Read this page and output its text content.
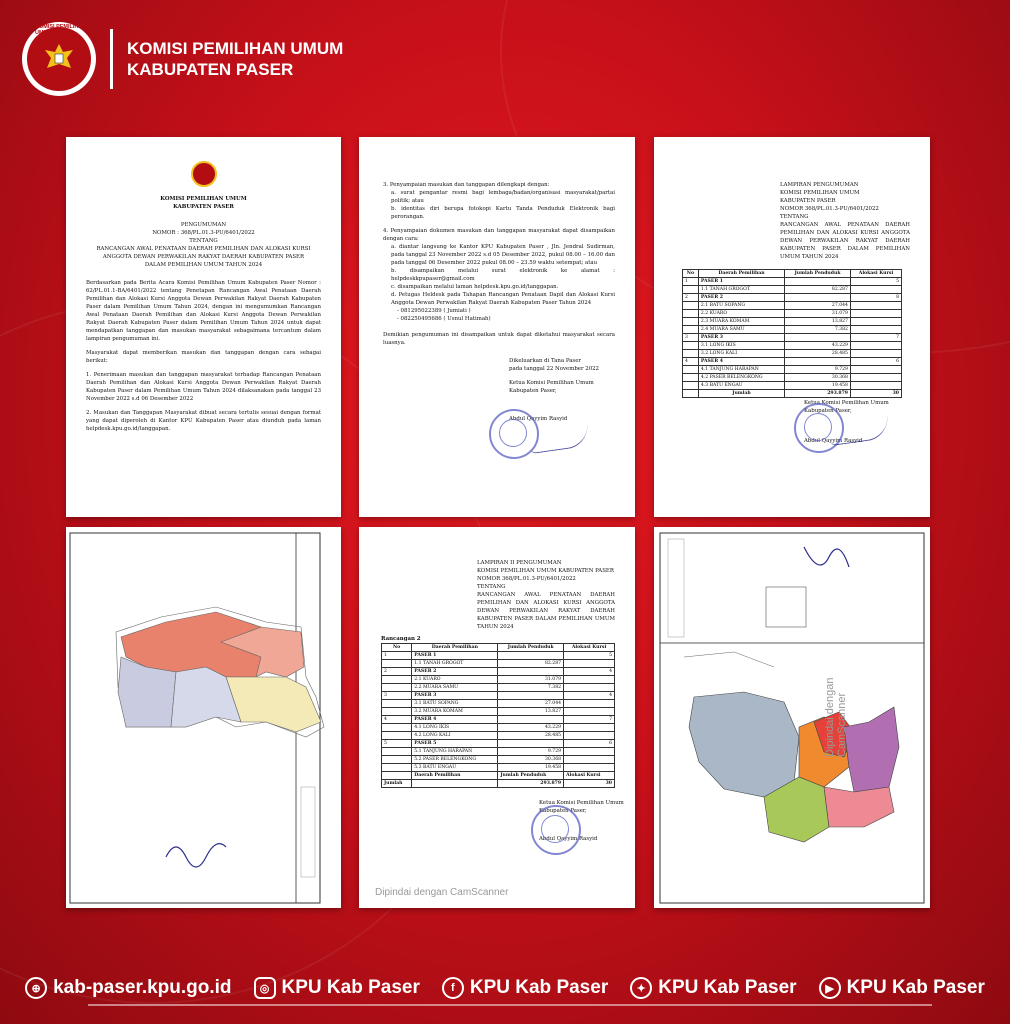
KOMISI PEMILIHAN UMUM
KOMISI PEMILIHAN UMUM
KABUPATEN PASER
KOMISI PEMILIHAN UMUM
KABUPATEN PASER
PENGUMUMAN
NOMOR : 368/PL.01.3-PU/6401/2022
TENTANG
RANCANGAN AWAL PENATAAN DAERAH PEMILIHAN DAN ALOKASI KURSI
ANGGOTA DEWAN PERWAKILAN RAKYAT DAERAH KABUPATEN PASER
DALAM PEMILIHAN UMUM TAHUN 2024
Berdasarkan pada Berita Acara Komisi Pemilihan Umum Kabupaten Paser Nomor : 62/PL.01.1-BA/6401/2022 tentang Penetapan Rancangan Awal Penataan Daerah Pemilihan dan Alokasi Kursi Anggota Dewan Perwakilan Rakyat Daerah Kabupaten Paser dalam Pemilihan Umum Tahun 2024, dengan ini mengumumkan Rancangan Awal Penataan Daerah Pemilihan dan Alokasi Kursi Anggota Dewan Perwakilan Rakyat Daerah Kabupaten Paser dalam Pemilihan Umum Tahun 2024 untuk dapat mendapatkan tanggapan dan masukan masyarakat sebagaimana tercantum dalam lampiran pengumuman ini.
Masyarakat dapat memberikan masukan dan tanggapan dengan cara sebagai berikut:
1. Penerimaan masukan dan tanggapan masyarakat terhadap Rancangan Penataan Daerah Pemilihan dan Alokasi Kursi Anggota Dewan Perwakilan Rakyat Daerah Kabupaten Paser dalam Pemilihan Umum Tahun 2024 dilaksanakan pada tanggal 23 November 2022 s.d 06 Desember 2022
2. Masukan dan Tanggapan Masyarakat dibuat secara tertulis sesuai dengan format yang dapat diperoleh di Kantor KPU Kabupaten Paser atau diunduh pada laman helpdesk.kpu.go.id/tanggapan.
3. Penyampaian masukan dan tanggapan dilengkapi dengan:
a. surat pengantar resmi bagi lembaga/badan/organisasi masyarakat/partai politik; atau
b. identitas diri berupa fotokopi Kartu Tanda Penduduk Elektronik bagi perorangan.
4. Penyampaian dokumen masukan dan tanggapan masyarakat dapat disampaikan dengan cara:
a. diantar langsung ke Kantor KPU Kabupaten Paser , Jln. Jendral Sudirman, pada tanggal 23 November 2022 s.d 05 Desember 2022, pukul 08.00 – 16.00 dan pada tanggal 06 Desember 2022 pukul 08.00 – 23.59 waktu setempat; atau
b. disampaikan melalui surat elektronik ke alamat : helpdeskkpupaser@gmail.com
c. disampaikan melalui laman helpdesk.kpu.go.id/tanggapan.
d. Petugas Heldesk pada Tahapan Rancangan Penataan Dapil dan Alokasi Kursi Anggota Dewan Perwakilan Rakyat Daerah Kabupaten Paser Tahun 2024
- 081295022389 ( Jumiati )
- 082250495686 ( Usnul Hatimah)
Demikian pengumuman ini disampaikan untuk dapat diketahui masyarakat secara luasnya.
Dikeluarkan di Tana Paser
pada tanggal 22 November 2022
Ketua Komisi Pemilihan Umum
Kabupaten Paser,
Abdul Qayyim Rasyid
LAMPIRAN PENGUMUMAN
KOMISI PEMILIHAN UMUM
KABUPATEN PASER
NOMOR 368/PL.01.3-PU/6401/2022
TENTANG
RANCANGAN AWAL PENATAAN DAERAH PEMILIHAN DAN ALOKASI KURSI ANGGOTA DEWAN PERWAKILAN RAKYAT DAERAH KABUPATEN PASER DALAM PEMILIHAN UMUM TAHUN 2024
No	Daerah Pemilihan	Jumlah Penduduk	Alokasi Kursi
1	PASER 1		5
	1.1 TANAH GROGOT	82.287	
2	PASER 2		8
	2.1 BATU SOPANG	27.044	
	2.2 KUARO	31.079	
	2.3 MUARA KOMAM	13.827	
	2.4 MUARA SAMU	7.382	
3	PASER 3		7
	3.1 LONG IKIS	43.229	
	3.2 LONG KALI	28.485	
4	PASER 4		6
	4.1 TANJUNG HARAPAN	9.729	
	4.2 PASER BELENGKONG	30.368	
	4.3 BATU ENGAU	19.458	
	Jumlah	293.879	30
Ketua Komisi Pemilihan Umum
Kabupaten Paser,
Abdul Qayyim Rasyid
LAMPIRAN II PENGUMUMAN
KOMISI PEMILIHAN UMUM KABUPATEN PASER
NOMOR 368/PL.01.3-PU/6401/2022
TENTANG
RANCANGAN AWAL PENATAAN DAERAH PEMILIHAN DAN ALOKASI KURSI ANGGOTA DEWAN PERWAKILAN RAKYAT DAERAH KABUPATEN PASER DALAM PEMILIHAN UMUM TAHUN 2024
Rancangan 2
No	Daerah Pemilihan	Jumlah Penduduk	Alokasi Kursi
1	PASER 1		5
	1.1 TANAH GROGOT	82.287	
2	PASER 2		4
	2.1 KUARO	31.079	
	2.2 MUARA SAMU	7.382	
3	PASER 3		4
	3.1 BATU SOPANG	27.044	
	3.2 MUARA KOMAM	13.827	
4	PASER 4		7
	4.1 LONG IKIS	43.229	
	4.2 LONG KALI	28.485	
5	PASER 5		6
	5.1 TANJUNG HARAPAN	9.729	
	5.2 PASER BELENGKONG	30.368	
	5.3 BATU ENGAU	19.458	
	Daerah Pemilihan	Jumlah Penduduk	Alokasi Kursi
Jumlah		293.879	30
Ketua Komisi Pemilihan Umum
Kabupaten Paser,
Abdul Qayyim Rasyid
Dipindai dengan CamScanner
Dipindai dengan CamScanner
⊕ kab-paser.kpu.go.id	◎ KPU Kab Paser	f KPU Kab Paser	✦ KPU Kab Paser	▶ KPU Kab Paser
